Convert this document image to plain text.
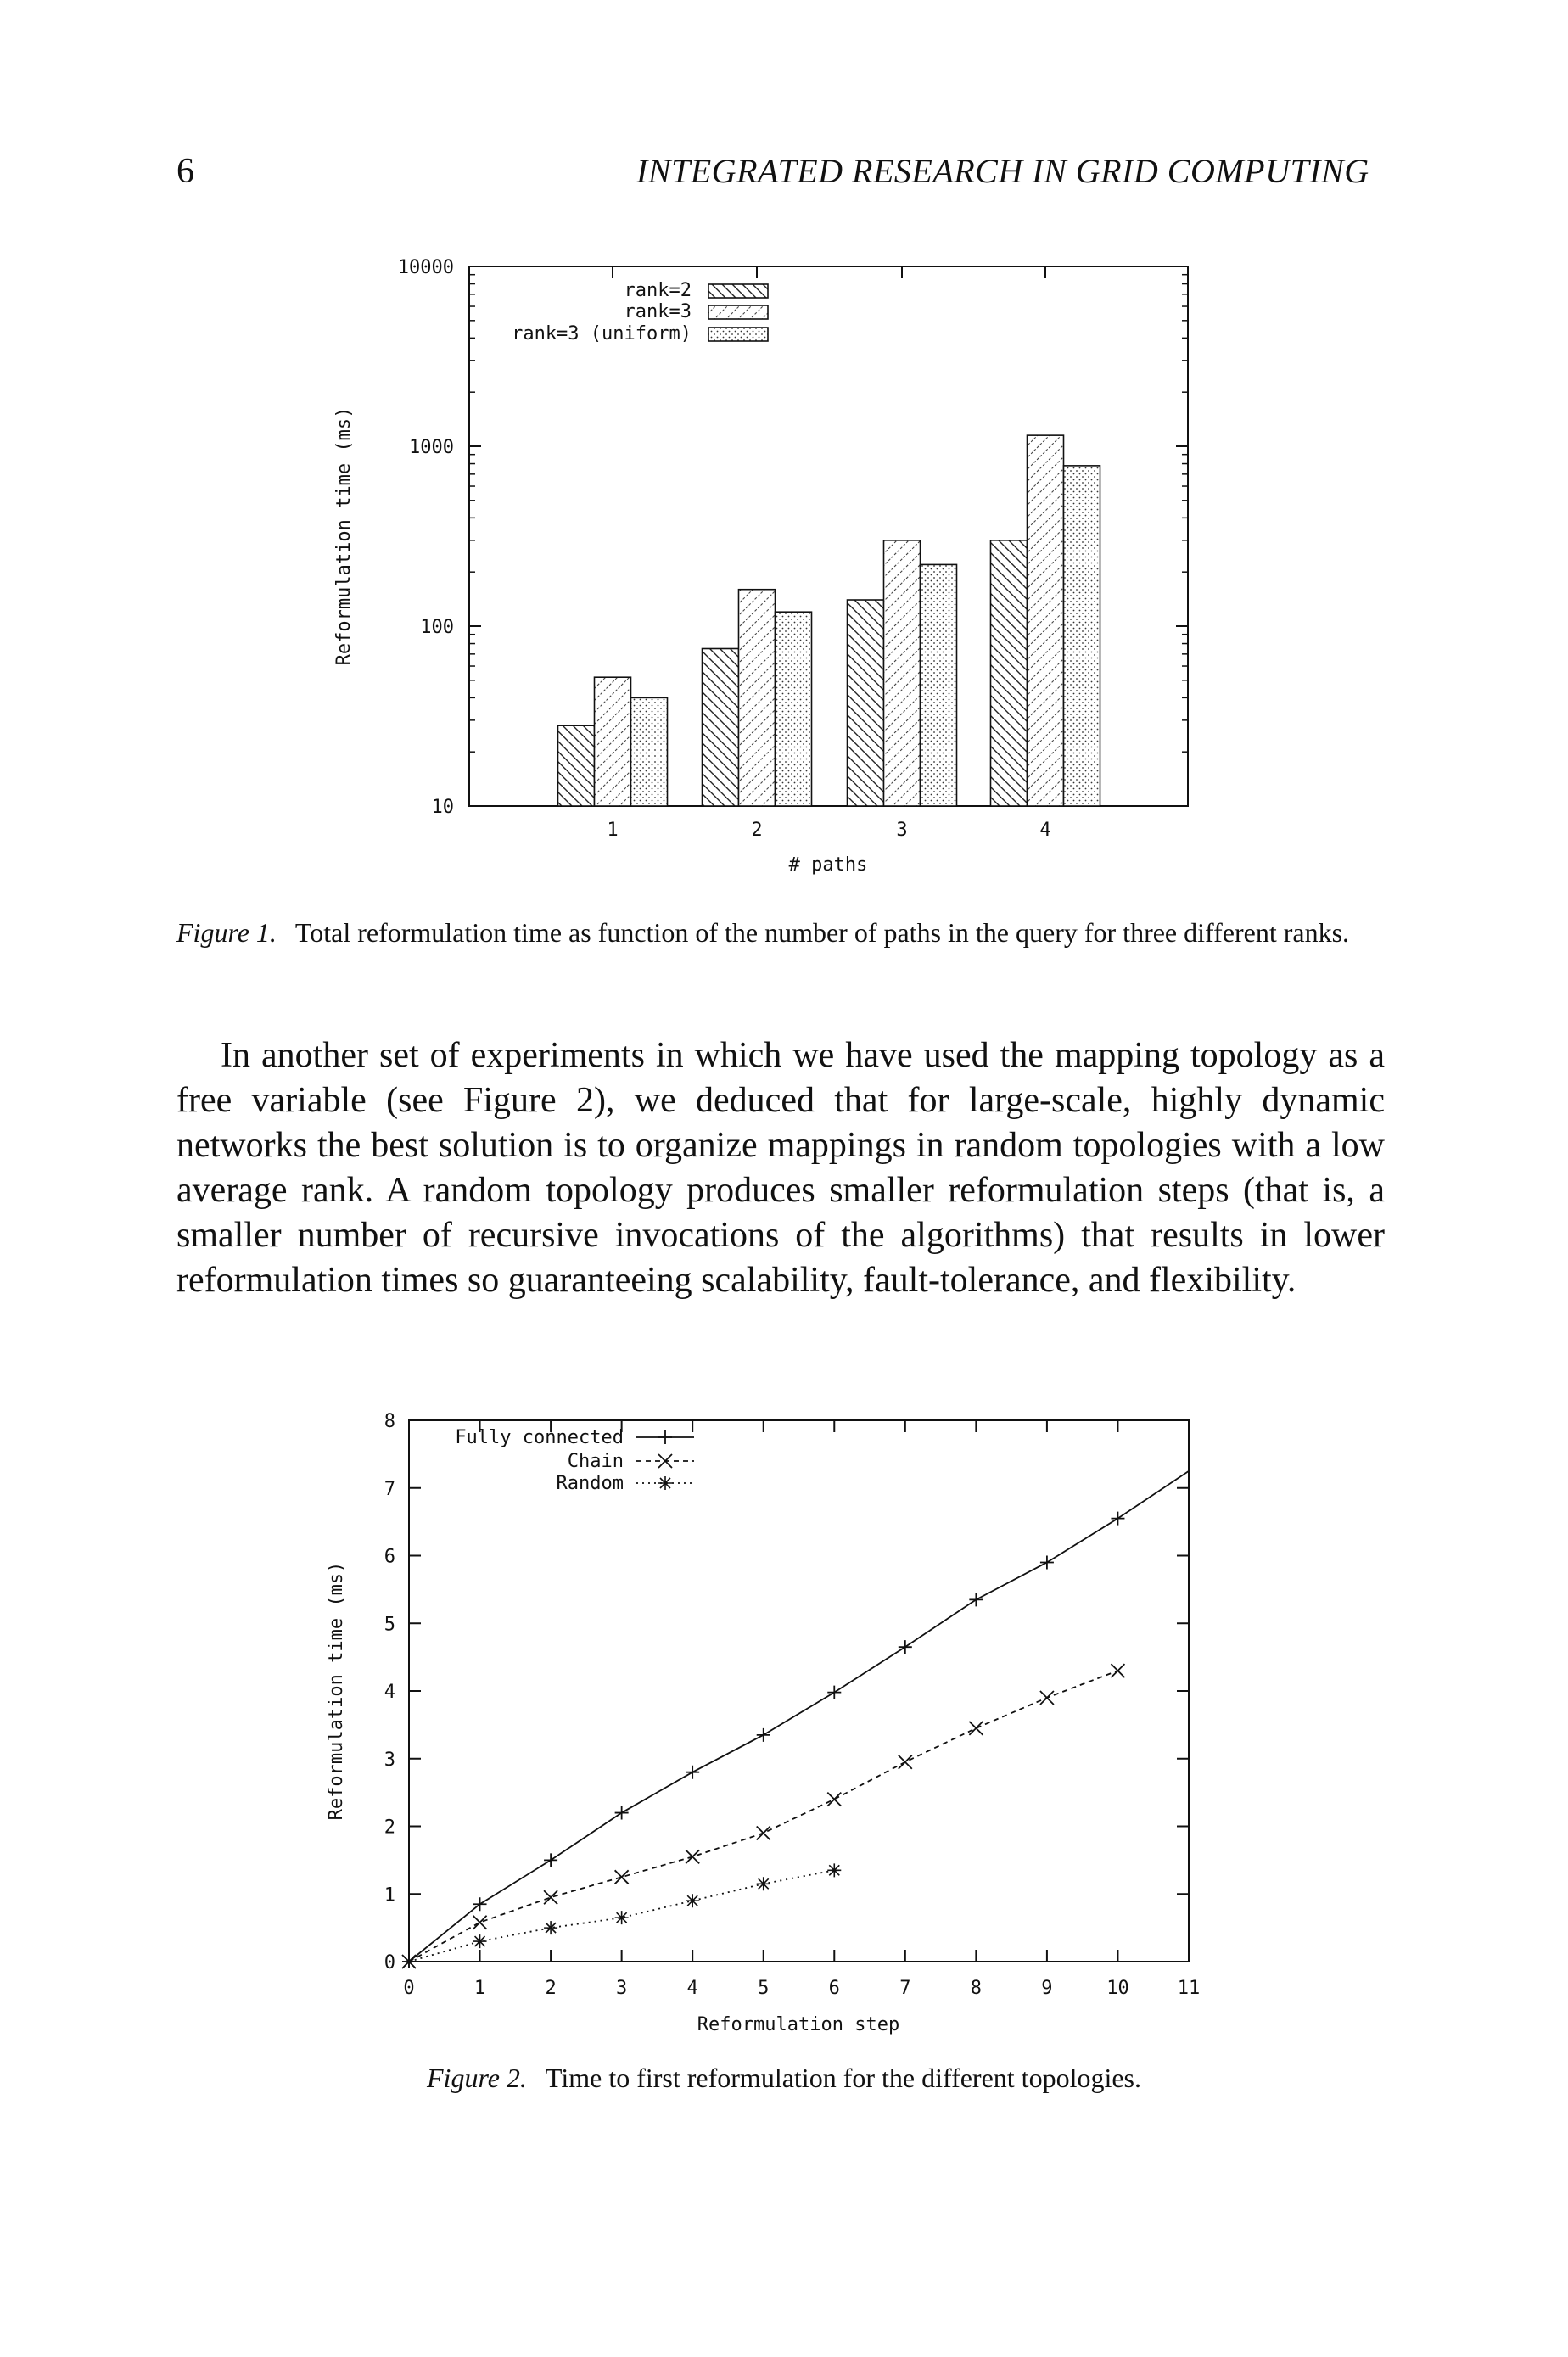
6	INTEGRATED RESEARCH IN GRID COMPUTING
10
100
1000
10000
1	2	3	4
# paths
Reformulation time (ms)
rank=2
rank=3
rank=3 (uniform)
Figure 1. Total reformulation time as function of the number of paths in the query for three different ranks.

In another set of experiments in which we have used the mapping topology as a free variable (see Figure 2), we deduced that for large-scale, highly dynamic networks the best solution is to organize mappings in random topologies with a low average rank. A random topology produces smaller reformulation steps (that is, a smaller number of recursive invocations of the algorithms) that results in lower reformulation times so guaranteeing scalability, fault-tolerance, and flexibility.

0	1	2	3	4	5	6	7	8	9	10	11
0
1
2
3
4
5
6
7
8
Reformulation step
Reformulation time (ms)
Fully connected
Chain
Random
Figure 2. Time to first reformulation for the different topologies.
